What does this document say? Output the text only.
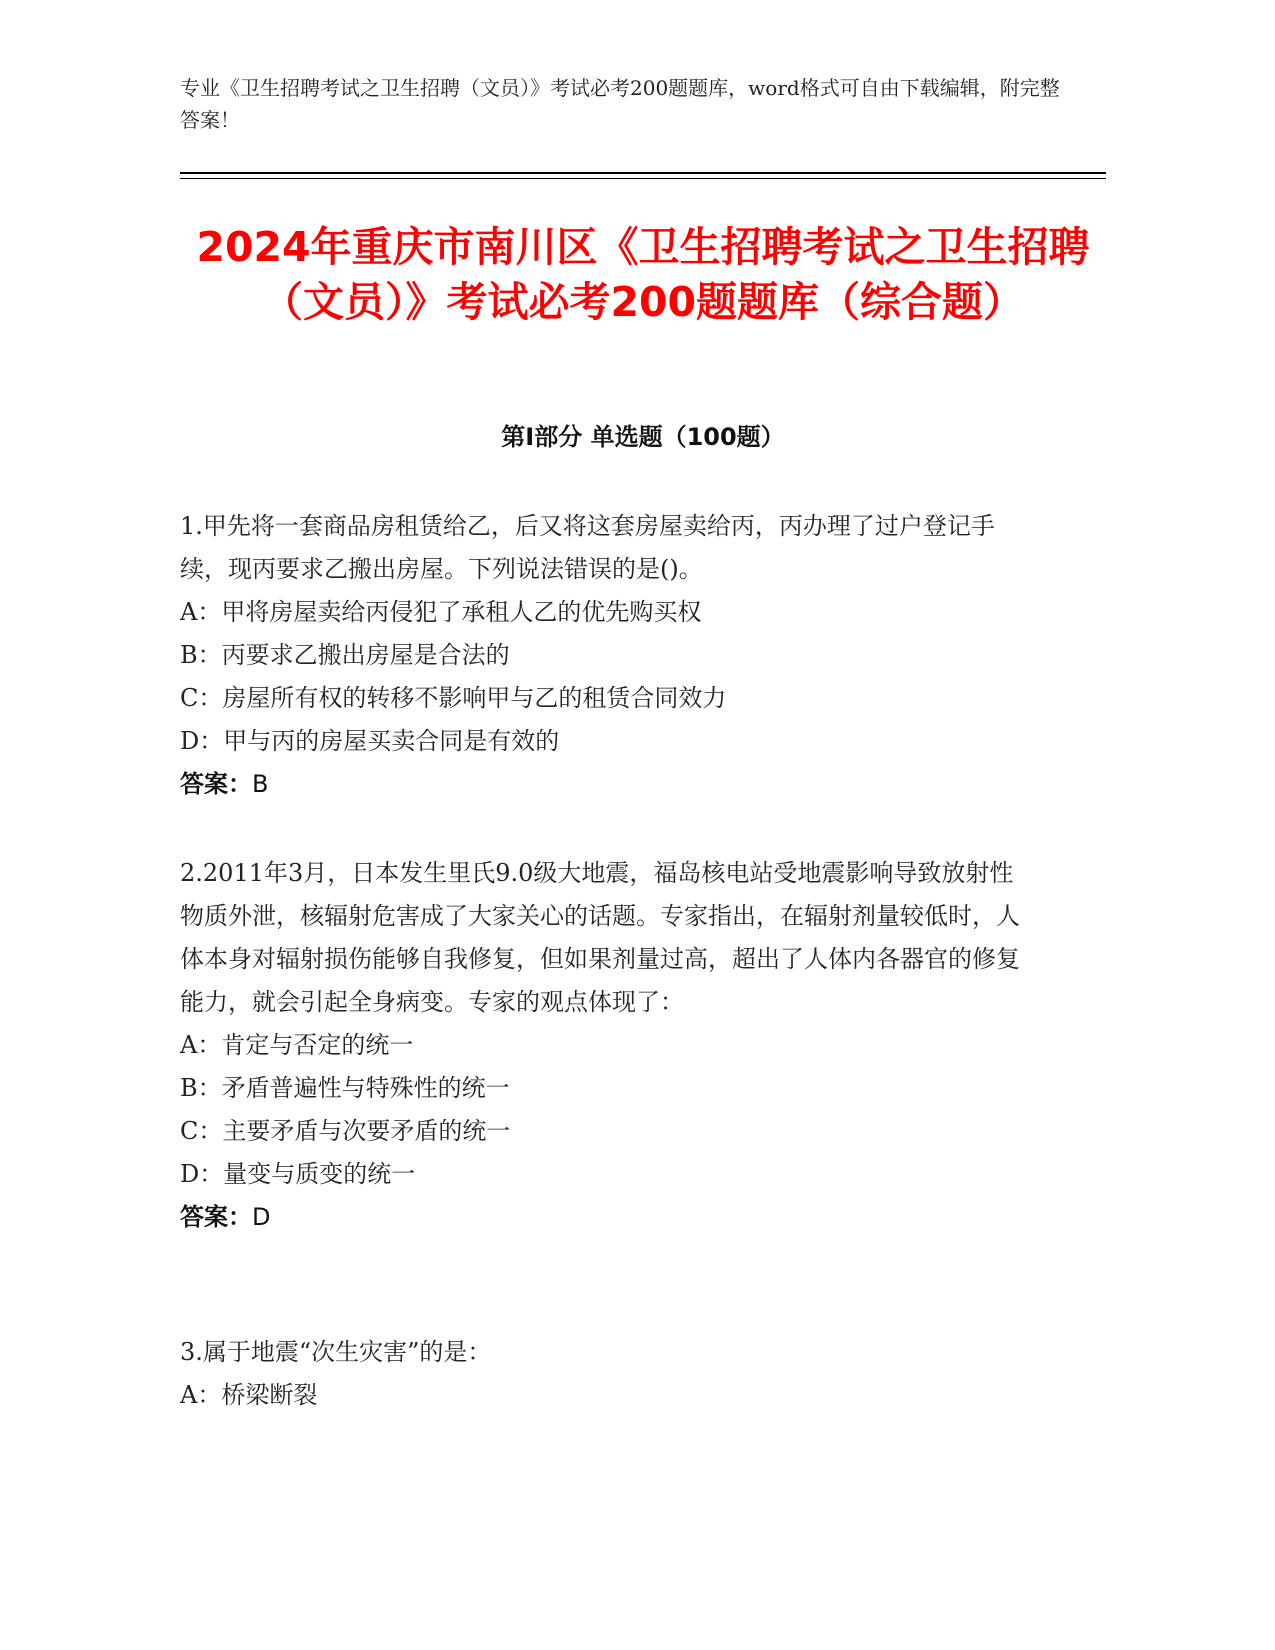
专业《卫生招聘考试之卫生招聘（文员）》考试必考200题题库，word格式可自由下载编辑，附完整答案！
2024年重庆市南川区《卫生招聘考试之卫生招聘（文员）》考试必考200题题库（综合题）
第Ⅰ部分 单选题（100题）

1.甲先将一套商品房租赁给乙，后又将这套房屋卖给丙，丙办理了过户登记手续，现丙要求乙搬出房屋。下列说法错误的是()。

A：甲将房屋卖给丙侵犯了承租人乙的优先购买权

B：丙要求乙搬出房屋是合法的

C：房屋所有权的转移不影响甲与乙的租赁合同效力

D：甲与丙的房屋买卖合同是有效的

答案：B

2.2011年3月，日本发生里氏9.0级大地震，福岛核电站受地震影响导致放射性物质外泄，核辐射危害成了大家关心的话题。专家指出，在辐射剂量较低时，人体本身对辐射损伤能够自我修复，但如果剂量过高，超出了人体内各器官的修复能力，就会引起全身病变。专家的观点体现了：

A：肯定与否定的统一

B：矛盾普遍性与特殊性的统一

C：主要矛盾与次要矛盾的统一

D：量变与质变的统一

答案：D

3.属于地震“次生灾害”的是：

A：桥梁断裂
